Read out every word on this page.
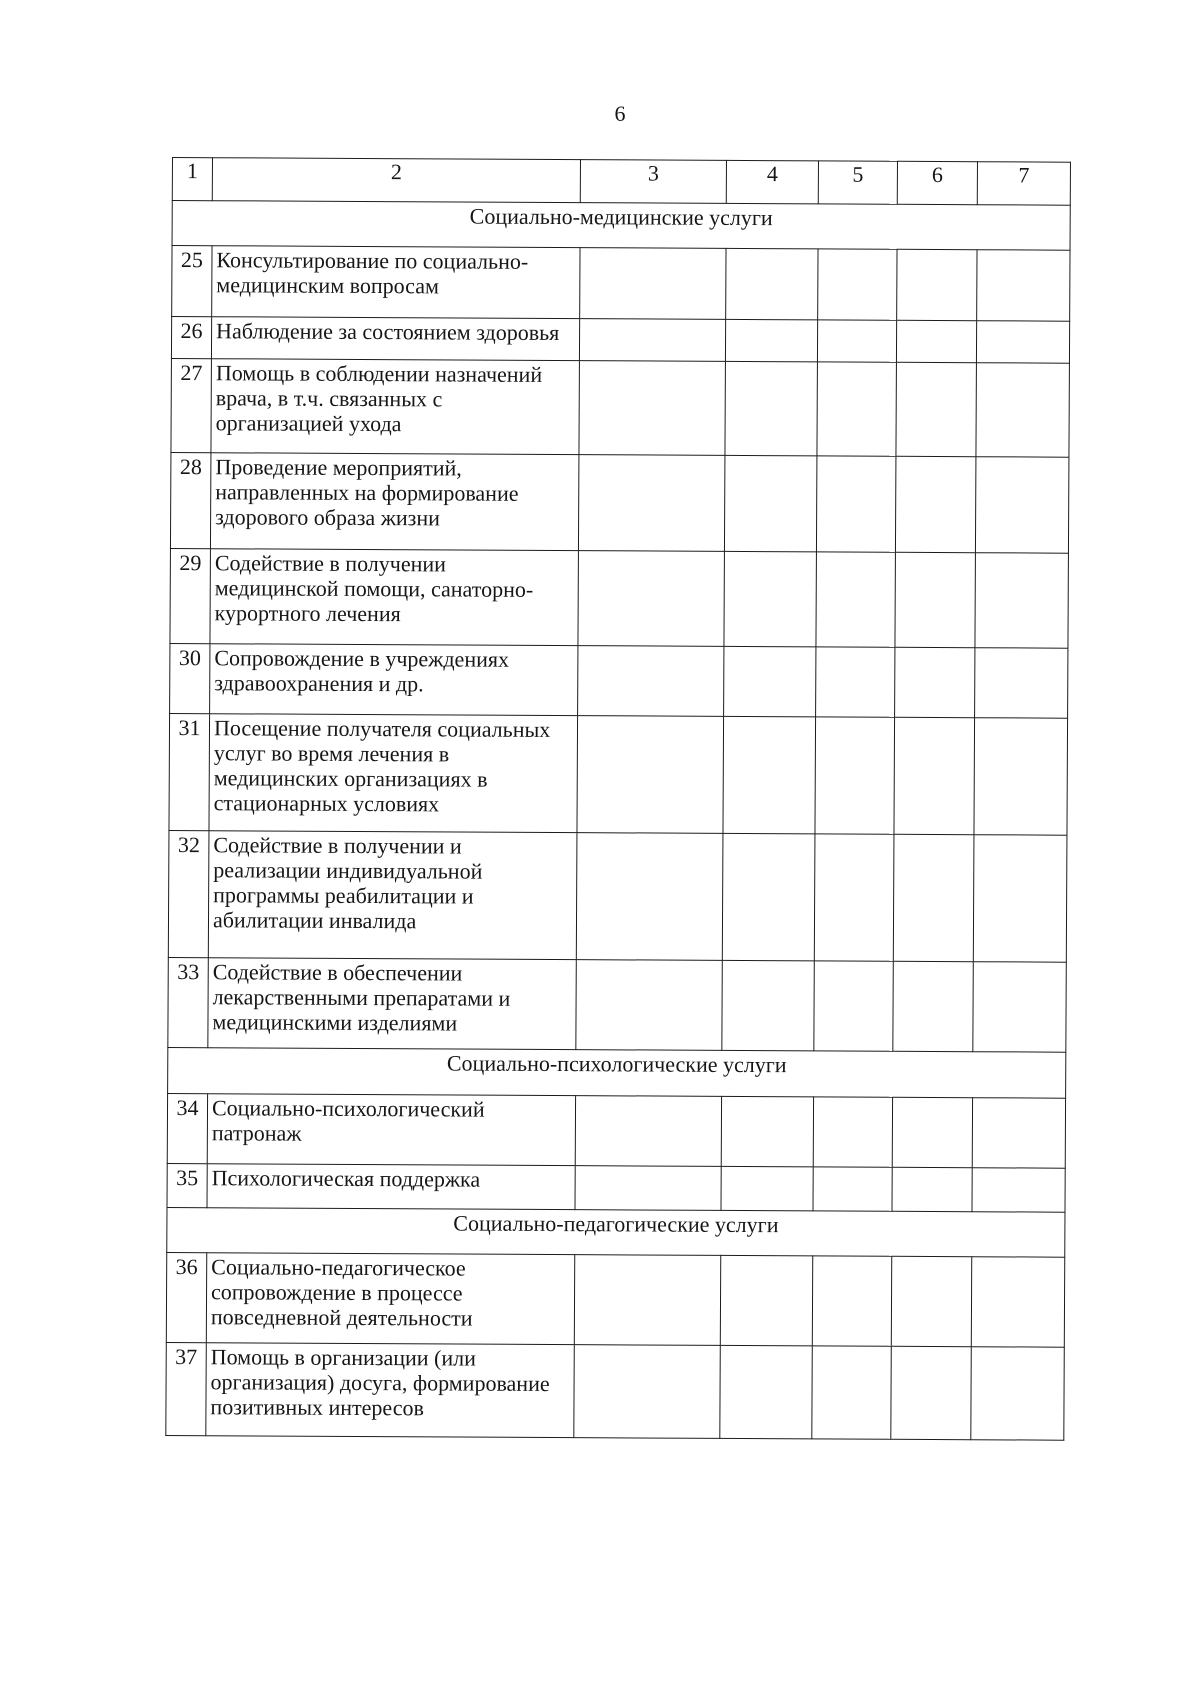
6
1	2	3	4	5	6	7
Социально-медицинские услуги						
25	Консультирование по социально-
медицинским вопросам					

26	Наблюдение за состоянием здоровья					

27	Помощь в соблюдении назначений
врача, в т.ч. связанных с
организацией ухода					

28	Проведение мероприятий,
направленных на формирование
здорового образа жизни					

29	Содействие в получении
медицинской помощи, санаторно-
курортного лечения					

30	Сопровождение в учреждениях
здравоохранения и др.					

31	Посещение получателя социальных
услуг во время лечения в
медицинских организациях в
стационарных условиях					

32	Содействие в получении и
реализации индивидуальной
программы реабилитации и
абилитации инвалида					

33	Содействие в обеспечении
лекарственными препаратами и
медицинскими изделиями					

Социально-психологические услуги						
34	Социально-психологический
патронаж					

35	Психологическая поддержка					

Социально-педагогические услуги						
36	Социально-педагогическое
сопровождение в процессе
повседневной деятельности					

37	Помощь в организации (или
организация) досуга, формирование
позитивных интересов					
